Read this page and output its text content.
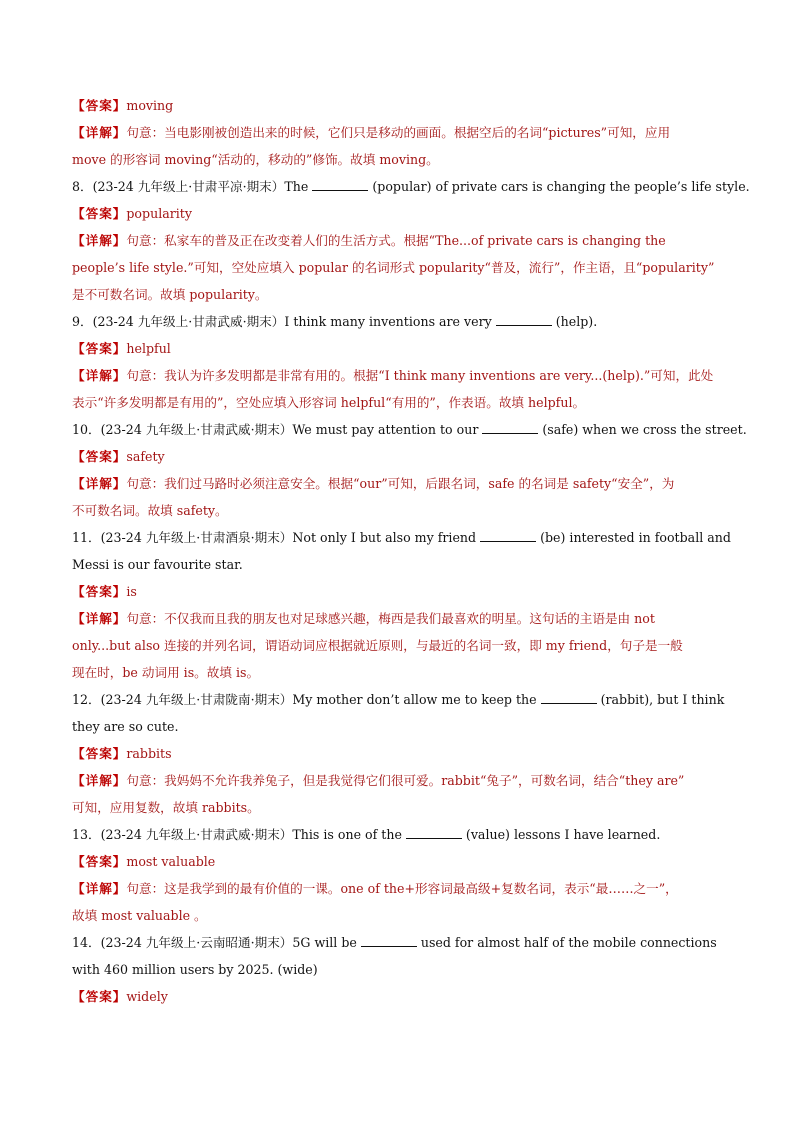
【答案】moving
【详解】句意：当电影刚被创造出来的时候，它们只是移动的画面。根据空后的名词“pictures”可知，应用
move 的形容词 moving“活动的，移动的”修饰。故填 moving。
8．(23-24 九年级上·甘肃平凉·期末）The	(popular) of private cars is changing the people’s life style.
【答案】popularity
【详解】句意：私家车的普及正在改变着人们的生活方式。根据“The...of private cars is changing the
people’s life style.”可知，空处应填入 popular 的名词形式 popularity“普及，流行”，作主语，且“popularity”
是不可数名词。故填 popularity。
9．(23-24 九年级上·甘肃武威·期末）I think many inventions are very	(help).
【答案】helpful
【详解】句意：我认为许多发明都是非常有用的。根据“I think many inventions are very...(help).”可知，此处
表示“许多发明都是有用的”，空处应填入形容词 helpful“有用的”，作表语。故填 helpful。
10．(23-24 九年级上·甘肃武威·期末）We must pay attention to our	(safe) when we cross the street.
【答案】safety
【详解】句意：我们过马路时必须注意安全。根据“our”可知，后跟名词，safe 的名词是 safety“安全”，为
不可数名词。故填 safety。
11．(23-24 九年级上·甘肃酒泉·期末）Not only I but also my friend	(be) interested in football and
Messi is our favourite star.
【答案】is
【详解】句意：不仅我而且我的朋友也对足球感兴趣，梅西是我们最喜欢的明星。这句话的主语是由 not
only...but also 连接的并列名词，谓语动词应根据就近原则，与最近的名词一致，即 my friend，句子是一般
现在时，be 动词用 is。故填 is。
12．(23-24 九年级上·甘肃陇南·期末）My mother don’t allow me to keep the	(rabbit), but I think
they are so cute.
【答案】rabbits
【详解】句意：我妈妈不允许我养兔子，但是我觉得它们很可爱。rabbit“兔子”，可数名词，结合“they are”
可知，应用复数，故填 rabbits。
13．(23-24 九年级上·甘肃武威·期末）This is one of the	(value) lessons I have learned.
【答案】most valuable
【详解】句意：这是我学到的最有价值的一课。one of the+形容词最高级+复数名词，表示“最……之一”，
故填 most valuable 。
14．(23-24 九年级上·云南昭通·期末）5G will be	used for almost half of the mobile connections
with 460 million users by 2025. (wide)
【答案】widely
